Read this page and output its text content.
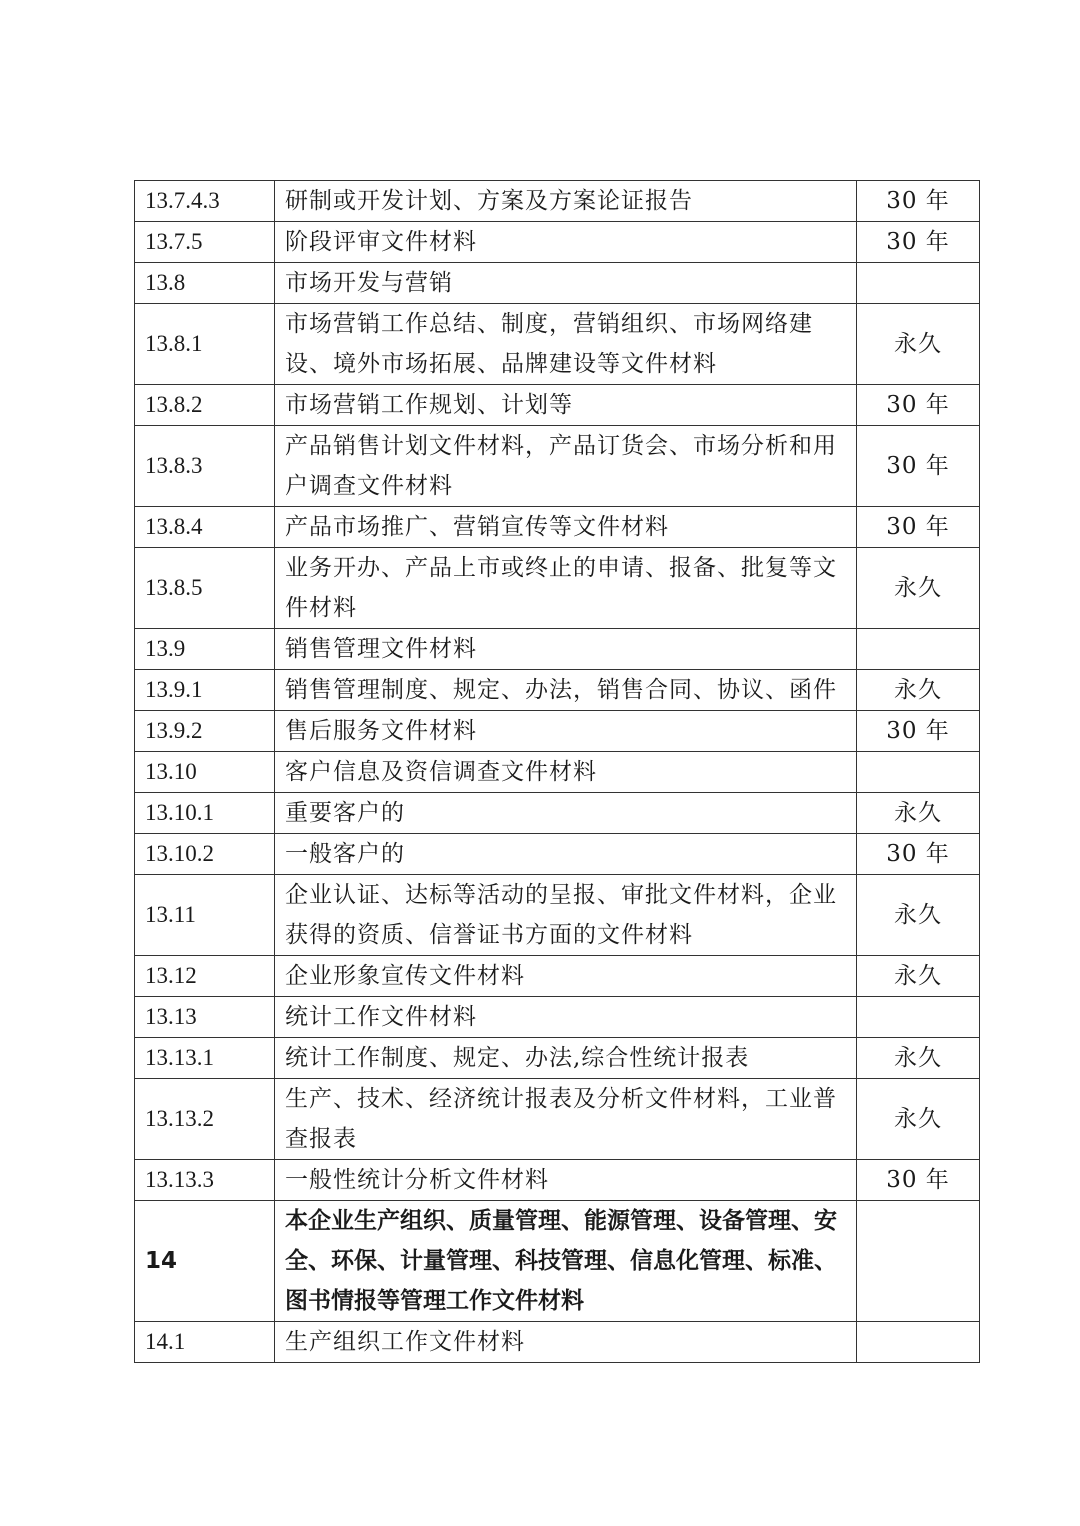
13.7.4.3	研制或开发计划、方案及方案论证报告	30 年
13.7.5	阶段评审文件材料	30 年
13.8	市场开发与营销	
13.8.1	市场营销工作总结、制度，营销组织、市场网络建设、境外市场拓展、品牌建设等文件材料	永久
13.8.2	市场营销工作规划、计划等	30 年
13.8.3	产品销售计划文件材料，产品订货会、市场分析和用户调查文件材料	30 年
13.8.4	产品市场推广、营销宣传等文件材料	30 年
13.8.5	业务开办、产品上市或终止的申请、报备、批复等文件材料	永久
13.9	销售管理文件材料	
13.9.1	销售管理制度、规定、办法，销售合同、协议、函件	永久
13.9.2	售后服务文件材料	30 年
13.10	客户信息及资信调查文件材料	
13.10.1	重要客户的	永久
13.10.2	一般客户的	30 年
13.11	企业认证、达标等活动的呈报、审批文件材料，企业获得的资质、信誉证书方面的文件材料	永久
13.12	企业形象宣传文件材料	永久
13.13	统计工作文件材料	
13.13.1	统计工作制度、规定、办法,综合性统计报表	永久
13.13.2	生产、技术、经济统计报表及分析文件材料，工业普查报表	永久
13.13.3	一般性统计分析文件材料	30 年
14	本企业生产组织、质量管理、能源管理、设备管理、安全、环保、计量管理、科技管理、信息化管理、标准、图书情报等管理工作文件材料	
14.1	生产组织工作文件材料	
